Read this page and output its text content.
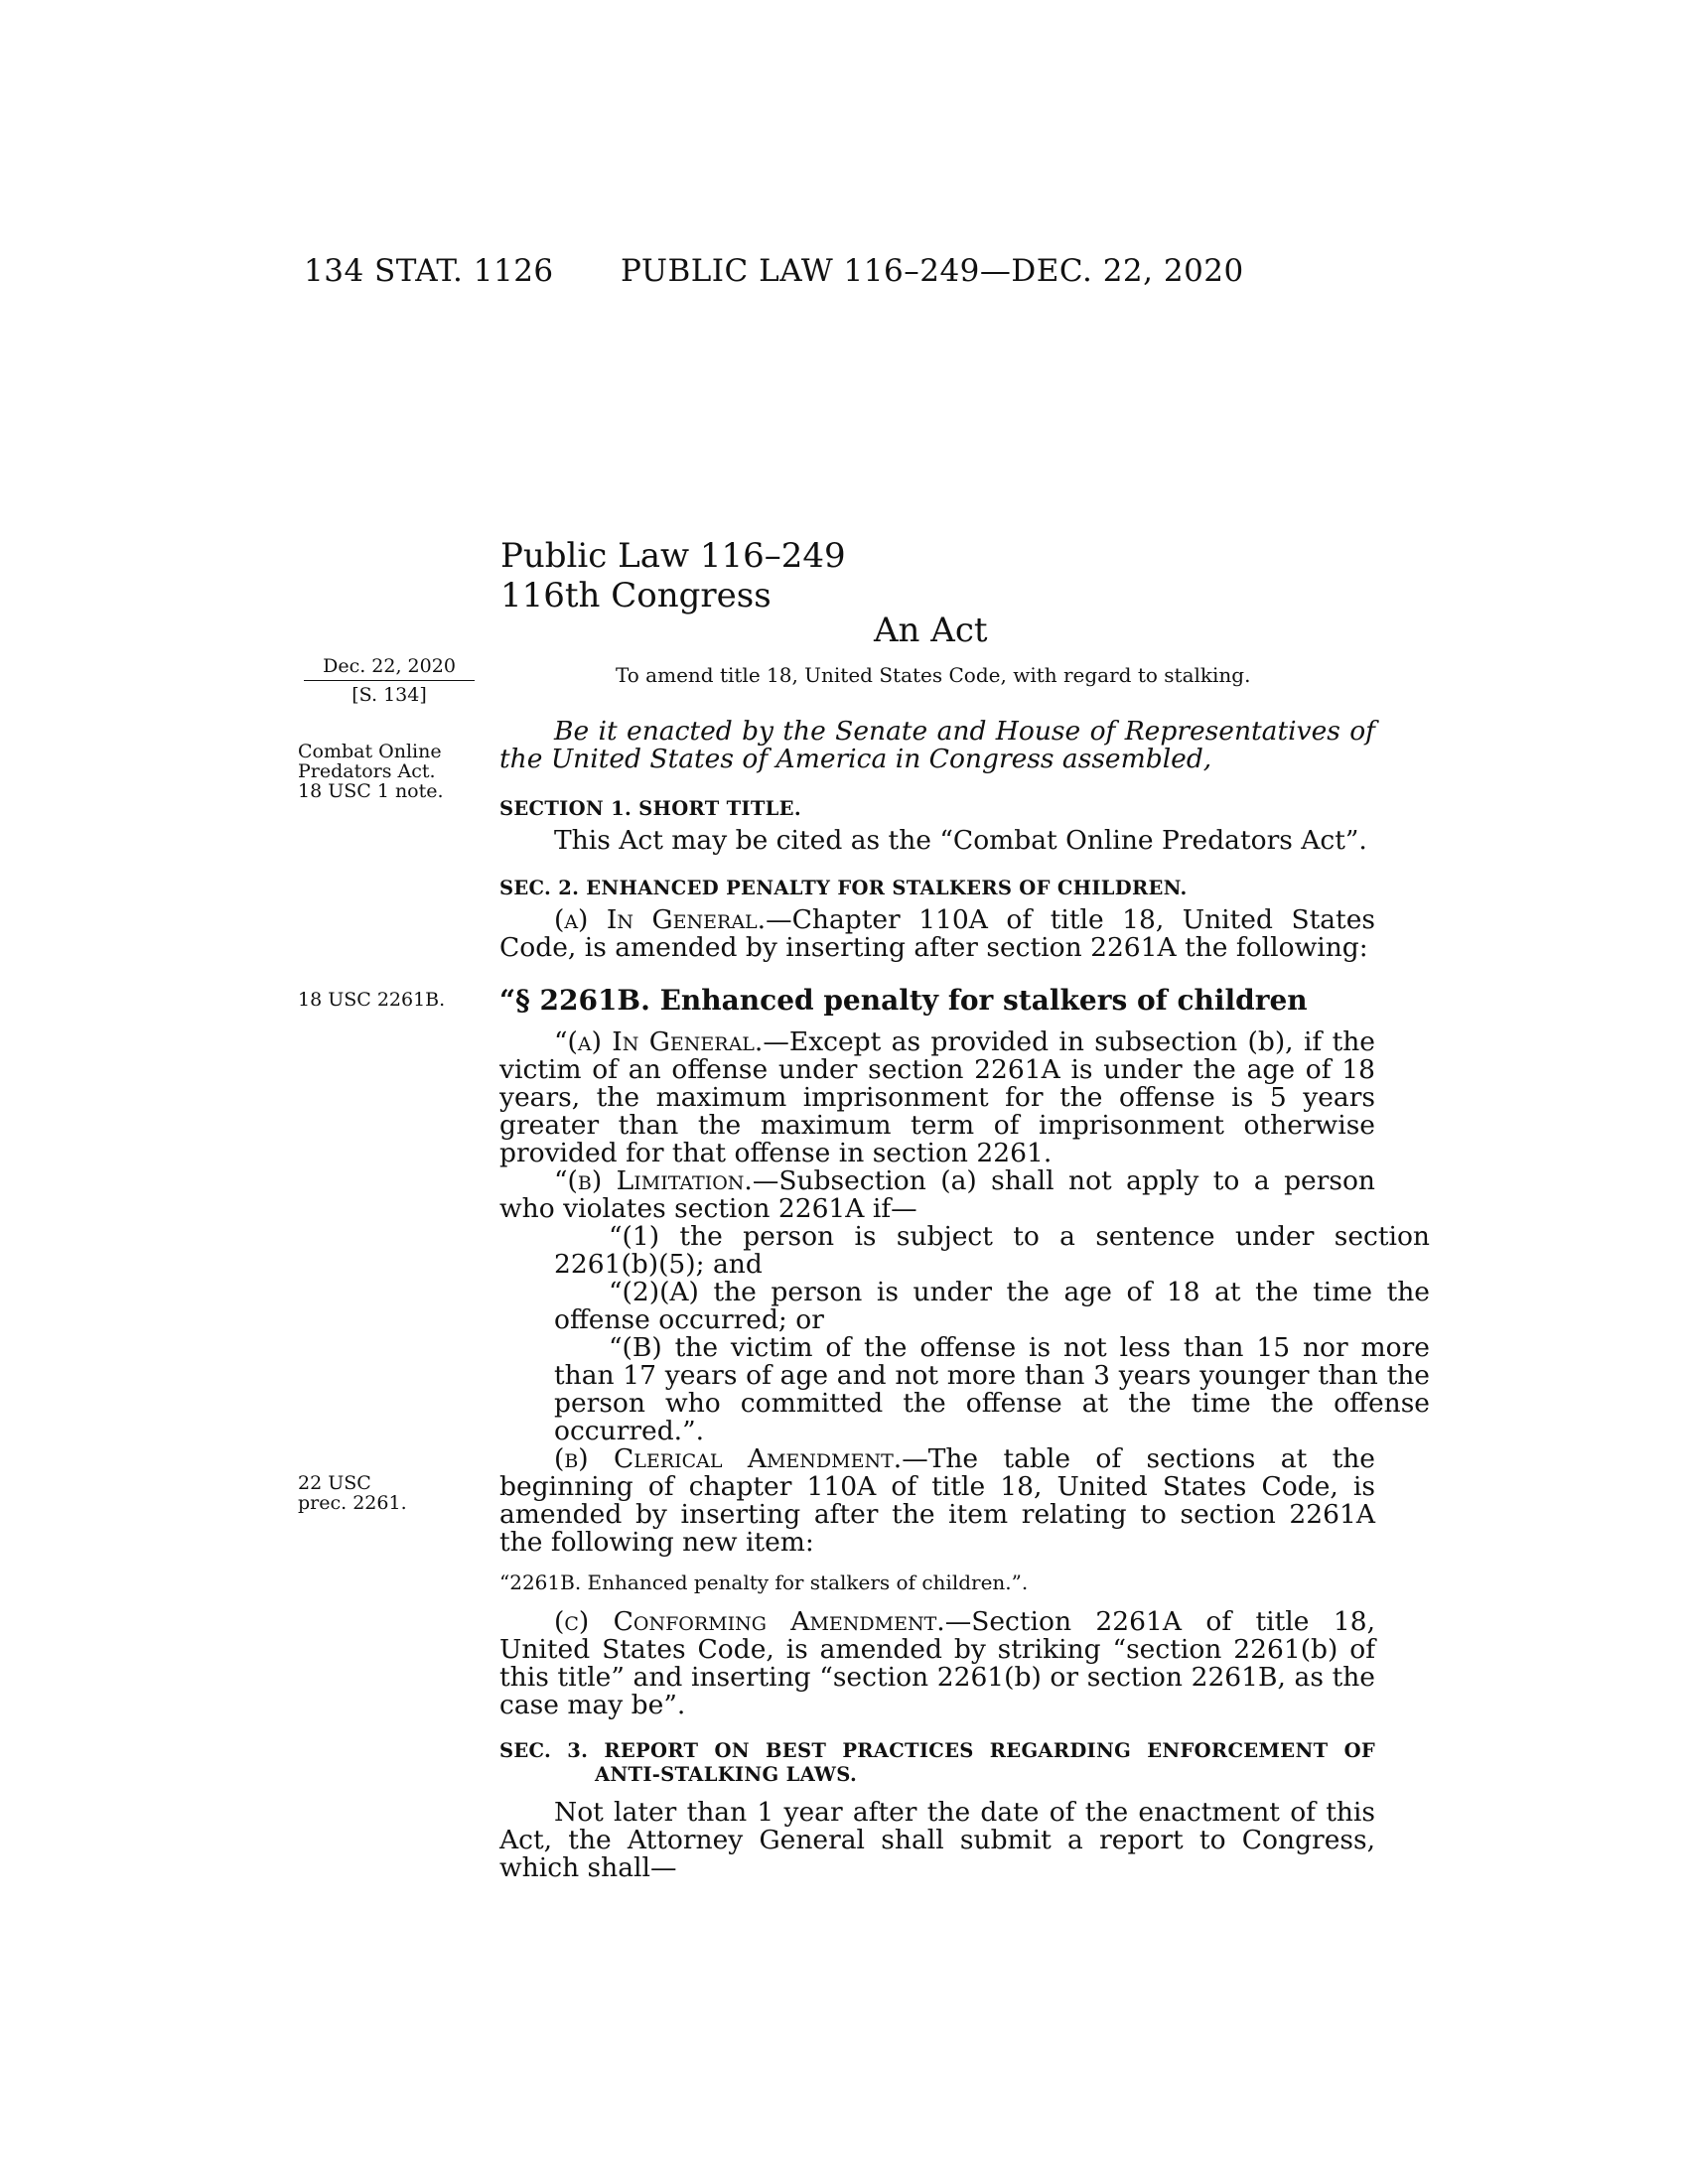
134 STAT. 1126 PUBLIC LAW 116–249—DEC. 22, 2020
Public Law 116–249
116th Congress
An Act
Dec. 22, 2020
[S. 134]
To amend title 18, United States Code, with regard to stalking.
Combat Online
Predators Act.
18 USC 1 note.
Be it enacted by the Senate and House of Representatives of the United States of America in Congress assembled,
SECTION 1. SHORT TITLE.
This Act may be cited as the “Combat Online Predators Act”.
SEC. 2. ENHANCED PENALTY FOR STALKERS OF CHILDREN.
(a) In General.—Chapter 110A of title 18, United States Code, is amended by inserting after section 2261A the following:
18 USC 2261B.	“§ 2261B. Enhanced penalty for stalkers of children
“(a) In General.—Except as provided in subsection (b), if the victim of an offense under section 2261A is under the age of 18 years, the maximum imprisonment for the offense is 5 years greater than the maximum term of imprisonment otherwise provided for that offense in section 2261.
“(b) Limitation.—Subsection (a) shall not apply to a person who violates section 2261A if—
“(1) the person is subject to a sentence under section 2261(b)(5); and
“(2)(A) the person is under the age of 18 at the time the offense occurred; or
“(B) the victim of the offense is not less than 15 nor more than 17 years of age and not more than 3 years younger than the person who committed the offense at the time the offense occurred.”.
(b) Clerical Amendment.—The table of sections at the beginning of chapter 110A of title 18, United States Code, is amended by inserting after the item relating to section 2261A the following new item:
22 USC
prec. 2261.
“2261B. Enhanced penalty for stalkers of children.”.
(c) Conforming Amendment.—Section 2261A of title 18, United States Code, is amended by striking “section 2261(b) of this title” and inserting “section 2261(b) or section 2261B, as the case may be”.
SEC. 3. REPORT ON BEST PRACTICES REGARDING ENFORCEMENT OF
ANTI-STALKING LAWS.
Not later than 1 year after the date of the enactment of this Act, the Attorney General shall submit a report to Congress, which shall—
